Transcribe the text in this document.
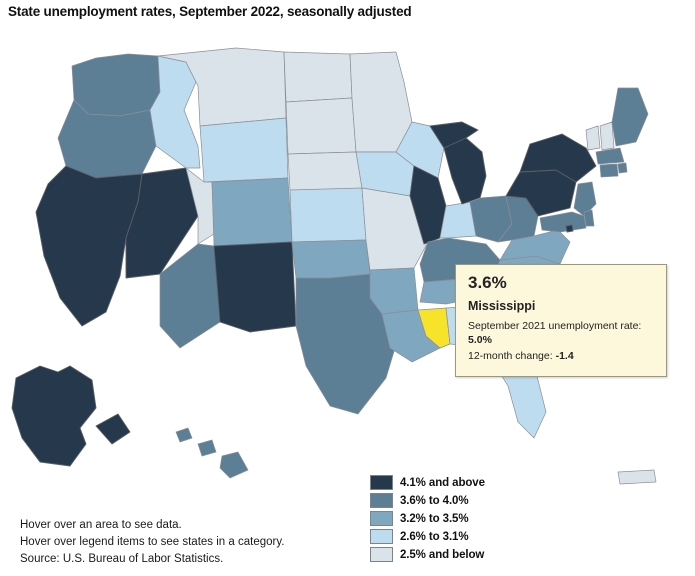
State unemployment rates, September 2022, seasonally adjusted
3.6%
Mississippi
September 2021 unemployment rate: 5.0%
12-month change: -1.4
4.1% and above
3.6% to 4.0%
3.2% to 3.5%
2.6% to 3.1%
2.5% and below
Hover over an area to see data.
Hover over legend items to see states in a category.
Source: U.S. Bureau of Labor Statistics.
